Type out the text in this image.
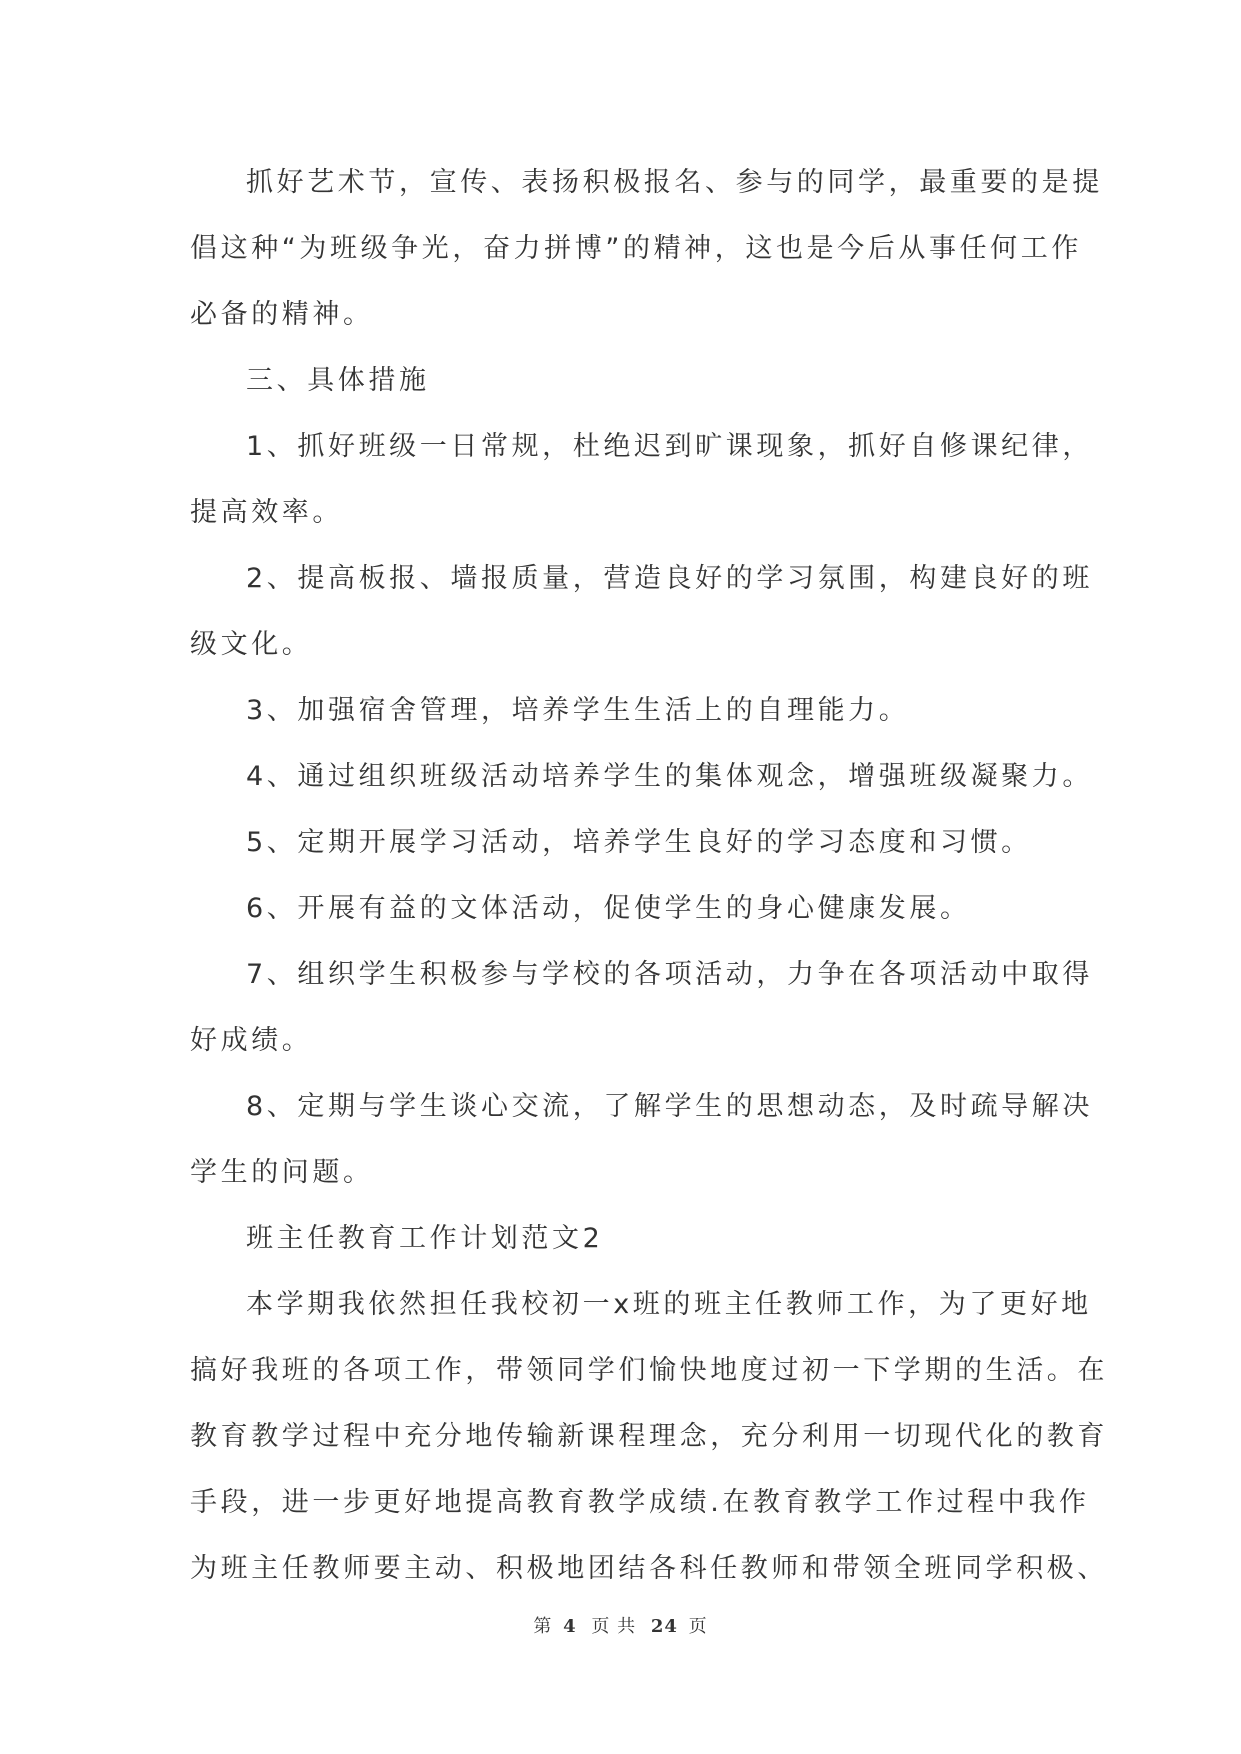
抓好艺术节，宣传、表扬积极报名、参与的同学，最重要的是提
倡这种“为班级争光，奋力拼博”的精神，这也是今后从事任何工作
必备的精神。
三、具体措施
1、抓好班级一日常规，杜绝迟到旷课现象，抓好自修课纪律，
提高效率。
2、提高板报、墙报质量，营造良好的学习氛围，构建良好的班
级文化。
3、加强宿舍管理，培养学生生活上的自理能力。
4、通过组织班级活动培养学生的集体观念，增强班级凝聚力。
5、定期开展学习活动，培养学生良好的学习态度和习惯。
6、开展有益的文体活动，促使学生的身心健康发展。
7、组织学生积极参与学校的各项活动，力争在各项活动中取得
好成绩。
8、定期与学生谈心交流，了解学生的思想动态，及时疏导解决
学生的问题。
班主任教育工作计划范文2
本学期我依然担任我校初一x班的班主任教师工作，为了更好地
搞好我班的各项工作，带领同学们愉快地度过初一下学期的生活。在
教育教学过程中充分地传输新课程理念，充分利用一切现代化的教育
手段，进一步更好地提高教育教学成绩.在教育教学工作过程中我作
为班主任教师要主动、积极地团结各科任教师和带领全班同学积极、
第 4 页 共 24 页
